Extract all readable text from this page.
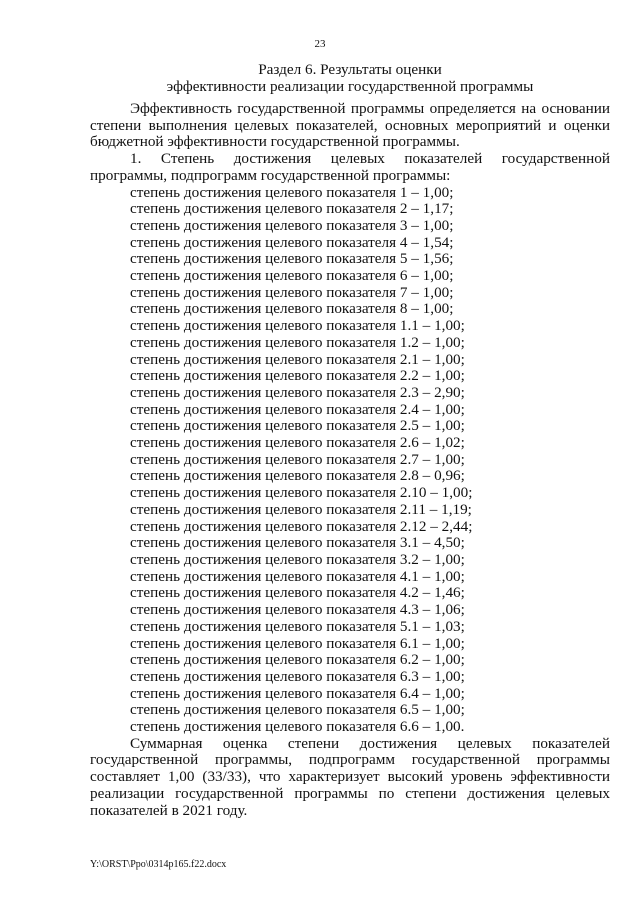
23
Раздел 6. Результаты оценки
эффективности реализации государственной программы

Эффективность государственной программы определяется на основании степени выполнения целевых показателей, основных мероприятий и оценки бюджетной эффективности государственной программы.

1. Степень достижения целевых показателей государственной программы, подпрограмм государственной программы:

степень достижения целевого показателя 1 – 1,00;
степень достижения целевого показателя 2 – 1,17;
степень достижения целевого показателя 3 – 1,00;
степень достижения целевого показателя 4 – 1,54;
степень достижения целевого показателя 5 – 1,56;
степень достижения целевого показателя 6 – 1,00;
степень достижения целевого показателя 7 – 1,00;
степень достижения целевого показателя 8 – 1,00;
степень достижения целевого показателя 1.1 – 1,00;
степень достижения целевого показателя 1.2 – 1,00;
степень достижения целевого показателя 2.1 – 1,00;
степень достижения целевого показателя 2.2 – 1,00;
степень достижения целевого показателя 2.3 – 2,90;
степень достижения целевого показателя 2.4 – 1,00;
степень достижения целевого показателя 2.5 – 1,00;
степень достижения целевого показателя 2.6 – 1,02;
степень достижения целевого показателя 2.7 – 1,00;
степень достижения целевого показателя 2.8 – 0,96;
степень достижения целевого показателя 2.10 – 1,00;
степень достижения целевого показателя 2.11 – 1,19;
степень достижения целевого показателя 2.12 – 2,44;
степень достижения целевого показателя 3.1 – 4,50;
степень достижения целевого показателя 3.2 – 1,00;
степень достижения целевого показателя 4.1 – 1,00;
степень достижения целевого показателя 4.2 – 1,46;
степень достижения целевого показателя 4.3 – 1,06;
степень достижения целевого показателя 5.1 – 1,03;
степень достижения целевого показателя 6.1 – 1,00;
степень достижения целевого показателя 6.2 – 1,00;
степень достижения целевого показателя 6.3 – 1,00;
степень достижения целевого показателя 6.4 – 1,00;
степень достижения целевого показателя 6.5 – 1,00;
степень достижения целевого показателя 6.6 – 1,00.

Суммарная оценка степени достижения целевых показателей государственной программы, подпрограмм государственной программы составляет 1,00 (33/33), что характеризует высокий уровень эффективности реализации государственной программы по степени достижения целевых показателей в 2021 году.

Y:\ORST\Ppo\0314p165.f22.docx
